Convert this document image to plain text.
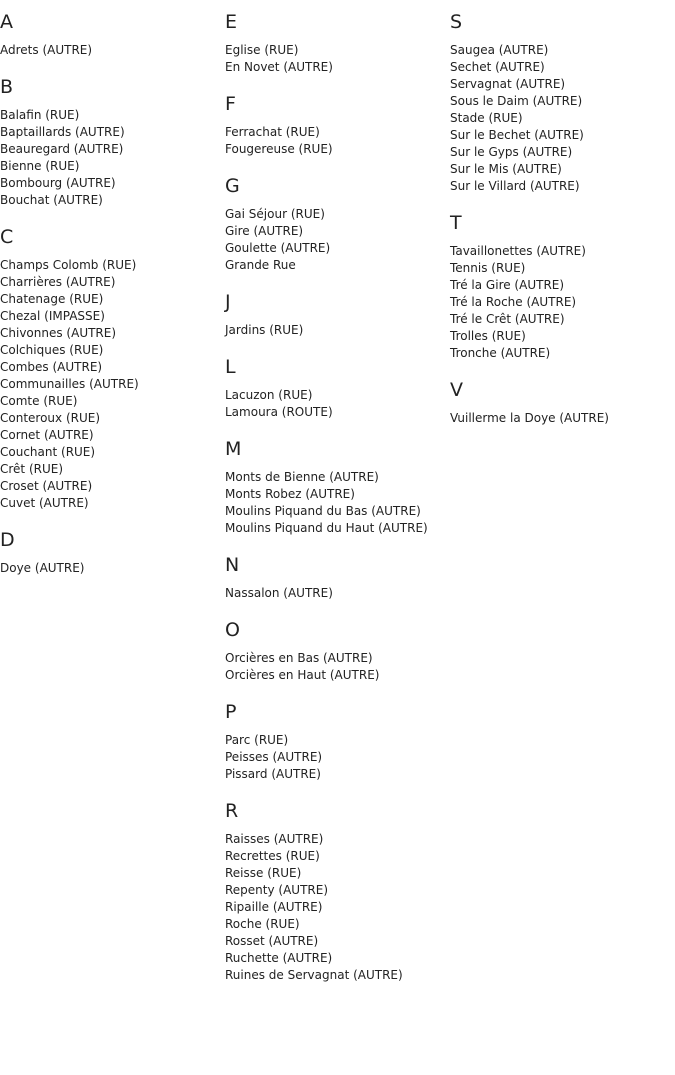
A
Adrets (AUTRE)
B
Balafin (RUE)
Baptaillards (AUTRE)
Beauregard (AUTRE)
Bienne (RUE)
Bombourg (AUTRE)
Bouchat (AUTRE)
C
Champs Colomb (RUE)
Charrières (AUTRE)
Chatenage (RUE)
Chezal (IMPASSE)
Chivonnes (AUTRE)
Colchiques (RUE)
Combes (AUTRE)
Communailles (AUTRE)
Comte (RUE)
Conteroux (RUE)
Cornet (AUTRE)
Couchant (RUE)
Crêt (RUE)
Croset (AUTRE)
Cuvet (AUTRE)
D
Doye (AUTRE)
E
Eglise (RUE)
En Novet (AUTRE)
F
Ferrachat (RUE)
Fougereuse (RUE)
G
Gai Séjour (RUE)
Gire (AUTRE)
Goulette (AUTRE)
Grande Rue
J
Jardins (RUE)
L
Lacuzon (RUE)
Lamoura (ROUTE)
M
Monts de Bienne (AUTRE)
Monts Robez (AUTRE)
Moulins Piquand du Bas (AUTRE)
Moulins Piquand du Haut (AUTRE)
N
Nassalon (AUTRE)
O
Orcières en Bas (AUTRE)
Orcières en Haut (AUTRE)
P
Parc (RUE)
Peisses (AUTRE)
Pissard (AUTRE)
R
Raisses (AUTRE)
Recrettes (RUE)
Reisse (RUE)
Repenty (AUTRE)
Ripaille (AUTRE)
Roche (RUE)
Rosset (AUTRE)
Ruchette (AUTRE)
Ruines de Servagnat (AUTRE)
S
Saugea (AUTRE)
Sechet (AUTRE)
Servagnat (AUTRE)
Sous le Daim (AUTRE)
Stade (RUE)
Sur le Bechet (AUTRE)
Sur le Gyps (AUTRE)
Sur le Mis (AUTRE)
Sur le Villard (AUTRE)
T
Tavaillonettes (AUTRE)
Tennis (RUE)
Tré la Gire (AUTRE)
Tré la Roche (AUTRE)
Tré le Crêt (AUTRE)
Trolles (RUE)
Tronche (AUTRE)
V
Vuillerme la Doye (AUTRE)
